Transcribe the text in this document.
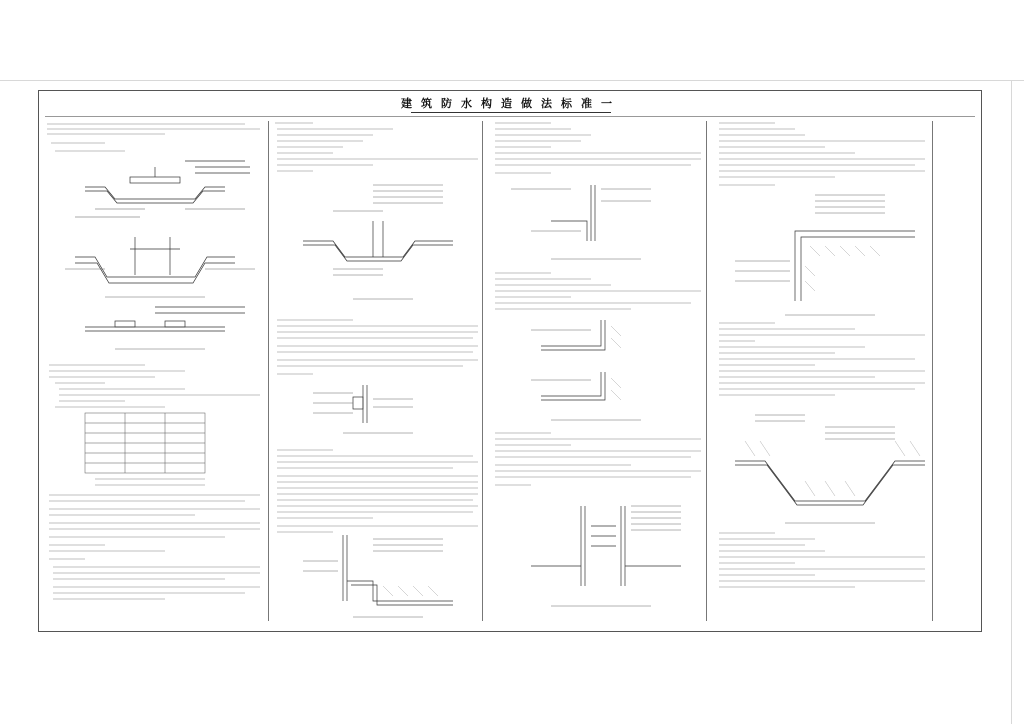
建筑防水构造做法标准一
